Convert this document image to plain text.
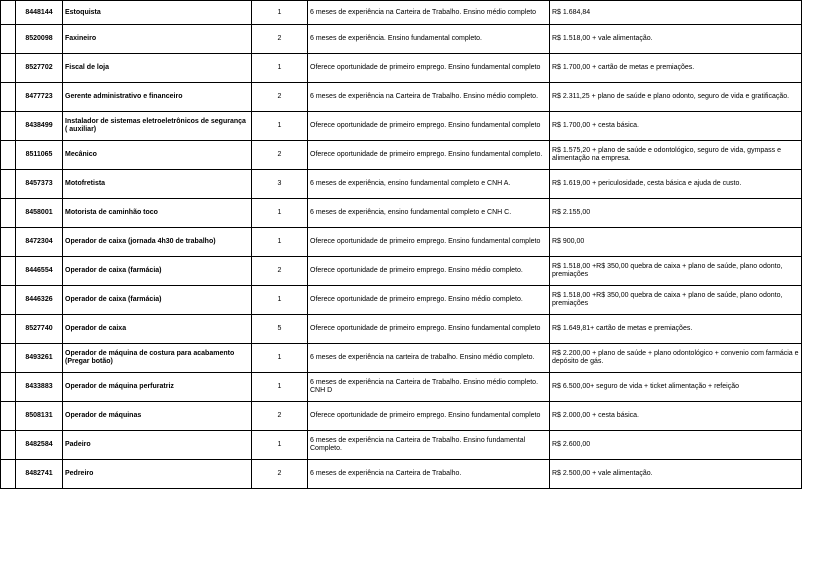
	8448144	Estoquista	1	6 meses de experiência na Carteira de Trabalho. Ensino médio completo	R$ 1.684,84
	8520098	Faxineiro	2	6 meses de experiência. Ensino fundamental completo.	R$ 1.518,00 + vale alimentação.
	8527702	Fiscal de loja	1	Oferece oportunidade de primeiro emprego. Ensino fundamental completo	R$ 1.700,00 + cartão de metas e premiações.
	8477723	Gerente administrativo e financeiro	2	6 meses de experiência na Carteira de Trabalho. Ensino médio completo.	R$ 2.311,25 + plano de saúde e plano odonto, seguro de vida e gratificação.
	8438499	Instalador de sistemas eletroeletrônicos de segurança ( auxiliar)	1	Oferece oportunidade de primeiro emprego. Ensino fundamental completo	R$ 1.700,00 + cesta básica.
	8511065	Mecânico	2	Oferece oportunidade de primeiro emprego. Ensino fundamental completo.	R$ 1.575,20 + plano de saúde e odontológico, seguro de vida, gympass e alimentação na empresa.
	8457373	Motofretista	3	6 meses de experiência, ensino fundamental completo e CNH A.	R$ 1.619,00 + periculosidade, cesta básica e ajuda de custo.
	8458001	Motorista de caminhão toco	1	6 meses de experiência, ensino fundamental completo e CNH C.	R$ 2.155,00
	8472304	Operador de caixa (jornada 4h30 de trabalho)	1	Oferece oportunidade de primeiro emprego. Ensino fundamental completo	R$ 900,00
	8446554	Operador de caixa (farmácia)	2	Oferece oportunidade de primeiro emprego. Ensino médio completo.	R$ 1.518,00 +R$ 350,00 quebra de caixa + plano de saúde, plano odonto, premiações
	8446326	Operador de caixa (farmácia)	1	Oferece oportunidade de primeiro emprego. Ensino médio completo.	R$ 1.518,00 +R$ 350,00 quebra de caixa + plano de saúde, plano odonto, premiações
	8527740	Operador de caixa	5	Oferece oportunidade de primeiro emprego. Ensino fundamental completo	R$ 1.649,81+ cartão de metas e premiações.
	8493261	Operador de máquina de costura para acabamento (Pregar botão)	1	6 meses de experiência na carteira de trabalho. Ensino médio completo.	R$ 2.200,00 + plano de saúde + plano odontológico + convenio com farmácia e depósito de gás.
	8433883	Operador de máquina perfuratriz	1	6 meses de experiência na Carteira de Trabalho. Ensino médio completo. CNH D	R$ 6.500,00+ seguro de vida + ticket alimentação + refeição
	8508131	Operador de máquinas	2	Oferece oportunidade de primeiro emprego. Ensino fundamental completo	R$ 2.000,00 + cesta básica.
	8482584	Padeiro	1	6 meses de experiência na Carteira de Trabalho. Ensino fundamental Completo.	R$ 2.600,00
	8482741	Pedreiro	2	6 meses de experiência na Carteira de Trabalho.	R$ 2.500,00 + vale alimentação.
